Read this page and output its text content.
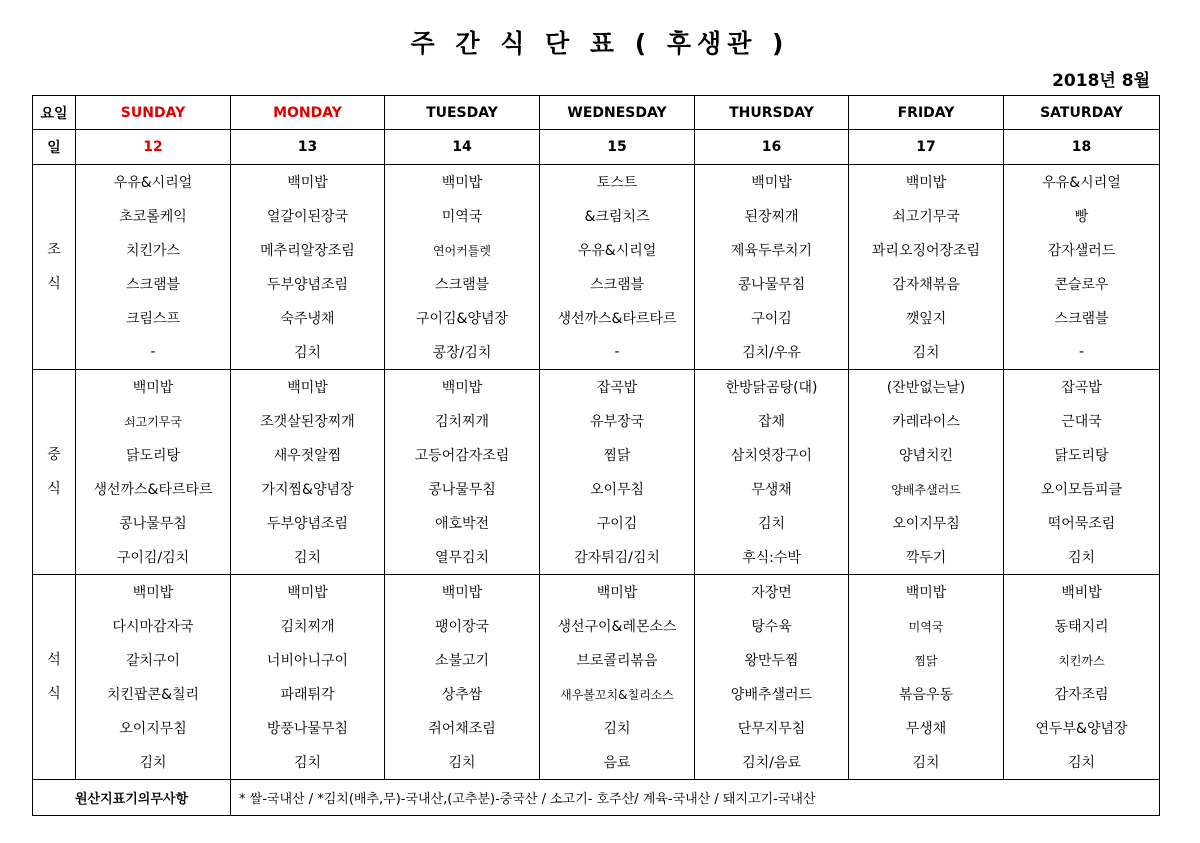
주 간 식 단 표 ( 후생관 )
2018년 8월
요일	SUNDAY	MONDAY	TUESDAY	WEDNESDAY	THURSDAY	FRIDAY	SATURDAY
일	12	13	14	15	16	17	18

조
식	우유&시리얼	백미밥	백미밥	토스트	백미밥	백미밥	우유&시리얼
	초코롤케익	얼갈이된장국	미역국	&크림치즈	된장찌개	쇠고기무국	빵
	치킨가스	메추리알장조림	연어커틀렛	우유&시리얼	제육두루치기	꽈리오징어장조림	감자샐러드
	스크램블	두부양념조림	스크램블	스크램블	콩나물무침	감자채볶음	콘슬로우
	크림스프	숙주냉채	구이김&양념장	생선까스&타르타르	구이김	깻잎지	스크램블
	-	김치	콩장/김치	-	김치/우유	김치	-

중
식	백미밥	백미밥	백미밥	잡곡밥	한방닭곰탕(대)	(잔반없는날)	잡곡밥
	쇠고기무국	조갯살된장찌개	김치찌개	유부장국	잡채	카레라이스	근대국
	닭도리탕	새우젓알찜	고등어감자조림	찜닭	삼치엿장구이	양념치킨	닭도리탕
	생선까스&타르타르	가지찜&양념장	콩나물무침	오이무침	무생채	양배추샐러드	오이모듬피클
	콩나물무침	두부양념조림	애호박전	구이김	김치	오이지무침	떡어묵조림
	구이김/김치	김치	열무김치	감자튀김/김치	후식:수박	깍두기	김치

석
식	백미밥	백미밥	백미밥	백미밥	자장면	백미밥	백비밥
	다시마감자국	김치찌개	팽이장국	생선구이&레몬소스	탕수육	미역국	동태지리
	갈치구이	너비아니구이	소불고기	브로콜리볶음	왕만두찜	찜닭	치킨까스
	치킨팝콘&칠리	파래튀각	상추쌈	새우볼꼬치&칠리소스	양배추샐러드	볶음우동	감자조림
	오이지무침	방풍나물무침	쥐어채조림	김치	단무지무침	무생채	연두부&양념장
	김치	김치	김치	음료	김치/음료	김치	김치
원산지표기의무사항		* 쌀-국내산 / *김치(배추,무)-국내산,(고추분)-중국산 / 소고기- 호주산/ 계육-국내산 / 돼지고기-국내산					
